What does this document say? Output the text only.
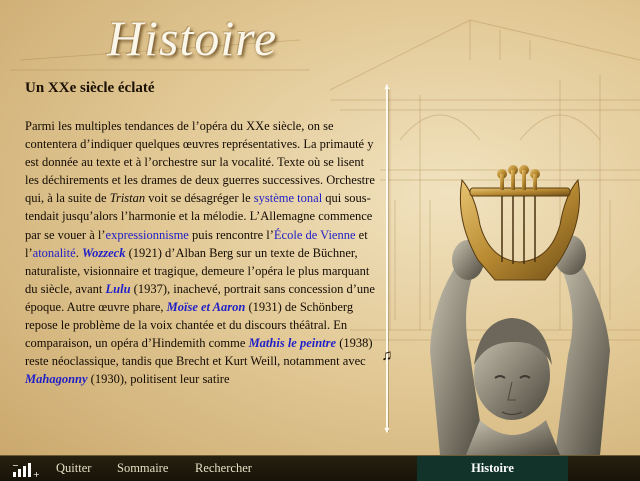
Histoire
Un XXe siècle éclaté
Parmi les multiples tendances de l’opéra du XXe siècle, on se contentera d’indiquer quelques œuvres représentatives. La primauté y est donnée au texte et à l’orchestre sur la vocalité. Texte où se lisent les déchirements et les drames de deux guerres successives. Orchestre qui, à la suite de Tristan voit se désagréger le système tonal qui sous-tendait jusqu’alors l’harmonie et la mélodie. L’Allemagne commence par se vouer à l’expressionnisme puis rencontre l’École de Vienne et l’atonalité. Wozzeck (1921) d’Alban Berg sur un texte de Büchner, naturaliste, visionnaire et tragique, demeure l’opéra le plus marquant du siècle, avant Lulu (1937), inachevé, portrait sans concession d’une époque. Autre œuvre phare, Moïse et Aaron (1931) de Schönberg repose le problème de la voix chantée et du discours théâtral. En comparaison, un opéra d’Hindemith comme Mathis le peintre (1938) reste néoclassique, tandis que Brecht et Kurt Weill, notamment avec Mahagonny (1930), politisent leur satire
▲
▼
♫
+
−	Quitter Sommaire Rechercher	Histoire
